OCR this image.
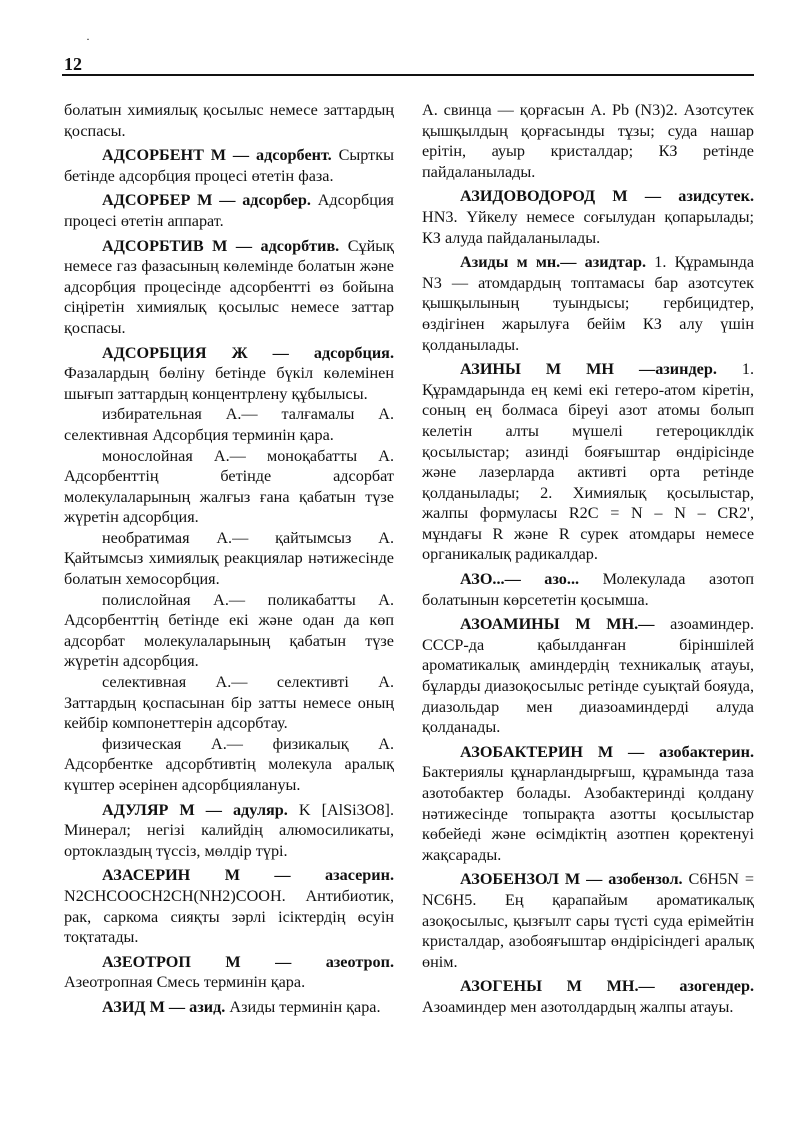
·
12

болатын химиялық қосылыс немесе заттардың қоспасы.

АДСОРБЕНТ М — адсорбент. Сырткы бетінде адсорбция процесі өтетін фаза.

АДСОРБЕР М — адсорбер. Адсорбция процесі өтетін аппарат.

АДСОРБТИВ М — адсорбтив. Сұйық немесе газ фазасының көлемінде болатын және адсорбция процесінде адсорбентті өз бойына сіңіретін химиялық қосылыс немесе заттар қоспасы.

АДСОРБЦИЯ Ж — адсорбция. Фазалардың бөліну бетінде бүкіл көлемінен шығып заттардың концентрлену құбылысы.

избирательная А.— талғамалы А. селективная Адсорбция терминін қара.

монослойная А.— моноқабатты А. Адсорбенттің бетінде адсорбат молекулаларының жалғыз ғана қабатын түзе жүретін адсорбция.

необратимая А.— қайтымсыз А. Қайтымсыз химиялық реакциялар нәтижесінде болатын хемосорбция.

полислойная А.— поликабатты А. Адсорбенттің бетінде екі және одан да көп адсорбат молекулаларының қабатын түзе жүретін адсорбция.

селективная А.— селективті А. Заттардың қоспасынан бір затты немесе оның кейбір компонеттерін адсорбтау.

физическая А.— физикалық А. Адсорбентке адсорбтивтің молекула аралық күштер әсерінен адсорбциялануы.

АДУЛЯР М — адуляр. K [AlSi3O8]. Минерал; негізі калийдің алюмосиликаты, ортоклаздың түссіз, мөлдір түрі.

АЗАСЕРИН М — азасерин. N2CHCOOCH2CH(NH2)COOH. Антибиотик, рак, саркома сияқты зәрлі ісіктердің өсуін тоқтатады.

АЗЕОТРОП М — азеотроп. Азеотропная Смесь терминін қара.

АЗИД М — азид. Азиды терминін қара.

A. свинца — қорғасын A. Pb (N3)2. Азотсутек қышқылдың қорғасынды тұзы; суда нашар ерітін, ауыр кристалдар; КЗ ретінде пайдаланылады.

АЗИДОВОДОРОД М — азидсутек. HN3. Үйкелу немесе соғылудан қопарылады; КЗ алуда пайдаланылады.

Азиды м мн.— азидтар. 1. Құрамында N3 — атомдардың топтамасы бар азотсутек қышқылының туындысы; гербицидтер, өздігінен жарылуға бейім КЗ алу үшін қолданылады.

АЗИНЫ М МН —азиндер. 1. Құрамдарында ең кемі екі гетеро-атом кіретін, соның ең болмаса біреуі азот атомы болып келетін алты мүшелі гетероциклдік қосылыстар; азинді бояғыштар өндірісінде және лазерларда активті орта ретінде қолданылады; 2. Химиялық қосылыстар, жалпы формуласы R2C = N – N – CR2', мұндағы R және R сурек атомдары немесе органикалық радикалдар.

АЗО...— азо... Молекулада азотоп болатынын көрсететін қосымша.

АЗОАМИНЫ М МН.— азоаминдер. СССР-да қабылданған біріншілей ароматикалық аминдердің техникалық атауы, бұларды диазоқосылыс ретінде суықтай бояуда, диазольдар мен диазоаминдерді алуда қолданады.

АЗОБАКТЕРИН М — азобактерин. Бактериялы құнарландырғыш, құрамында таза азотобактер болады. Азобактеринді қолдану нәтижесінде топырақта азотты қосылыстар көбейеді және өсімдіктің азотпен қоректенуі жақсарады.

АЗОБЕНЗОЛ М — азобензол. C6H5N = NC6H5. Ең қарапайым ароматикалық азоқосылыс, қызғылт сары түсті суда ерімейтін кристалдар, азобояғыштар өндірісіндегі аралық өнім.

АЗОГЕНЫ М МН.— азогендер. Азоаминдер мен азотолдардың жалпы атауы.
